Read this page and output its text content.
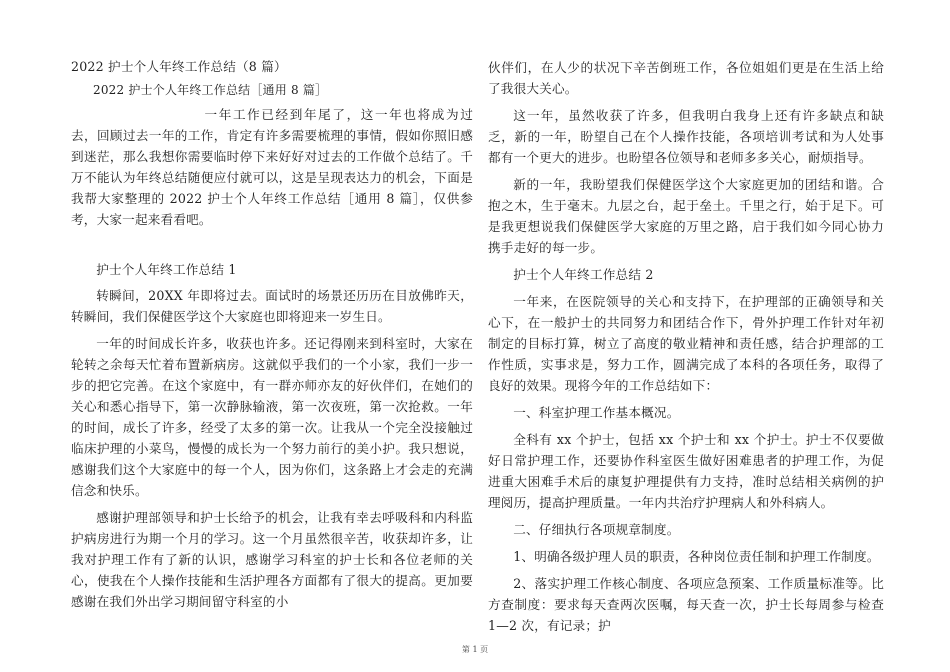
2022 护士个人年终工作总结（8 篇）

2022 护士个人年终工作总结［通用 8 篇］

一年工作已经到年尾了，这一年也将成为过去，回顾过去一年的工作，肯定有许多需要梳理的事情，假如你照旧感到迷茫，那么我想你需要临时停下来好好对过去的工作做个总结了。千万不能认为年终总结随便应付就可以，这是呈现表达力的机会，下面是我帮大家整理的 2022 护士个人年终工作总结［通用 8 篇］，仅供参考，大家一起来看看吧。

护士个人年终工作总结 1

转瞬间，20XX 年即将过去。面试时的场景还历历在目放佛昨天，转瞬间，我们保健医学这个大家庭也即将迎来一岁生日。

一年的时间成长许多，收获也许多。还记得刚来到科室时，大家在轮转之余每天忙着布置新病房。这就似乎我们的一个小家，我们一步一步的把它完善。在这个家庭中，有一群亦师亦友的好伙伴们，在她们的关心和悉心指导下，第一次静脉输液，第一次夜班，第一次抢救。一年的时间，成长了许多，经受了太多的第一次。让我从一个完全没接触过临床护理的小菜鸟，慢慢的成长为一个努力前行的美小护。我只想说，感谢我们这个大家庭中的每一个人，因为你们，这条路上才会走的充满信念和快乐。

感谢护理部领导和护士长给予的机会，让我有幸去呼吸科和内科监护病房进行为期一个月的学习。这一个月虽然很辛苦，收获却许多，让我对护理工作有了新的认识，感谢学习科室的护士长和各位老师的关心，使我在个人操作技能和生活护理各方面都有了很大的提高。更加要感谢在我们外出学习期间留守科室的小

伙伴们，在人少的状况下辛苦倒班工作，各位姐姐们更是在生活上给了我很大关心。

这一年，虽然收获了许多，但我明白我身上还有许多缺点和缺乏，新的一年，盼望自己在个人操作技能，各项培训考试和为人处事都有一个更大的进步。也盼望各位领导和老师多多关心，耐烦指导。

新的一年，我盼望我们保健医学这个大家庭更加的团结和谐。合抱之木，生于毫末。九层之台，起于垒土。千里之行，始于足下。可是我更想说我们保健医学大家庭的万里之路，启于我们如今同心协力携手走好的每一步。

护士个人年终工作总结 2

一年来，在医院领导的关心和支持下，在护理部的正确领导和关心下，在一般护士的共同努力和团结合作下，骨外护理工作针对年初制定的目标打算，树立了高度的敬业精神和责任感，结合护理部的工作性质，实事求是，努力工作，圆满完成了本科的各项任务，取得了良好的效果。现将今年的工作总结如下：

一、科室护理工作基本概况。

全科有 xx 个护士，包括 xx 个护士和 xx 个护士。护士不仅要做好日常护理工作，还要协作科室医生做好困难患者的护理工作，为促进重大困难手术后的康复护理提供有力支持，准时总结相关病例的护理阅历，提高护理质量。一年内共治疗护理病人和外科病人。

二、仔细执行各项规章制度。

1、明确各级护理人员的职责，各种岗位责任制和护理工作制度。

2、落实护理工作核心制度、各项应急预案、工作质量标准等。比方查制度：要求每天查两次医嘱，每天查一次，护士长每周参与检查 1—2 次，有记录；护

第 1 页
